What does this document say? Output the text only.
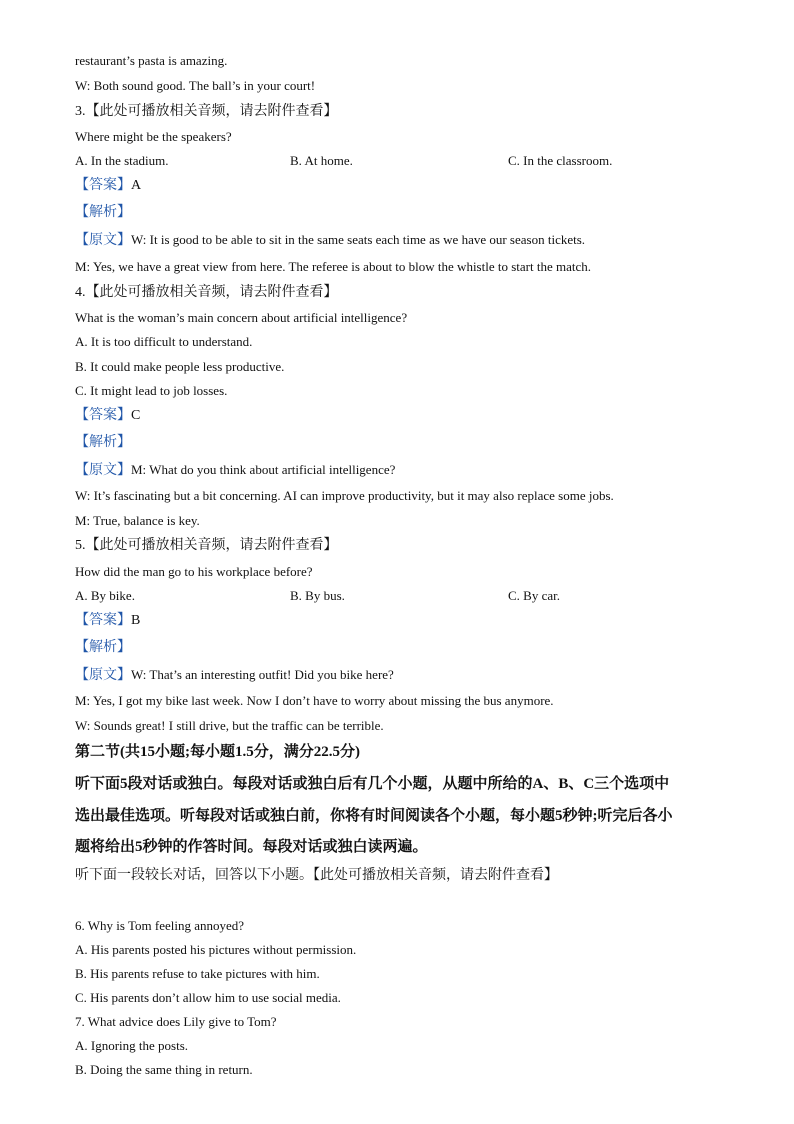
restaurant’s pasta is amazing.
W: Both sound good. The ball’s in your court!
3.【此处可播放相关音频，请去附件查看】
Where might be the speakers?
A. In the stadium.	B. At home.	C. In the classroom.
【答案】A
【解析】
【原文】W: It is good to be able to sit in the same seats each time as we have our season tickets.
M: Yes, we have a great view from here. The referee is about to blow the whistle to start the match.
4.【此处可播放相关音频，请去附件查看】
What is the woman’s main concern about artificial intelligence?
A. It is too difficult to understand.
B. It could make people less productive.
C. It might lead to job losses.
【答案】C
【解析】
【原文】M: What do you think about artificial intelligence?
W: It’s fascinating but a bit concerning. AI can improve productivity, but it may also replace some jobs.
M: True, balance is key.
5.【此处可播放相关音频，请去附件查看】
How did the man go to his workplace before?
A. By bike.	B. By bus.	C. By car.
【答案】B
【解析】
【原文】W: That’s an interesting outfit! Did you bike here?
M: Yes, I got my bike last week. Now I don’t have to worry about missing the bus anymore.
W: Sounds great! I still drive, but the traffic can be terrible.
第二节(共15小题;每小题1.5分，满分22.5分)
听下面5段对话或独白。每段对话或独白后有几个小题，从题中所给的A、B、C三个选项中
选出最佳选项。听每段对话或独白前，你将有时间阅读各个小题，每小题5秒钟;听完后各小
题将给出5秒钟的作答时间。每段对话或独白读两遍。
听下面一段较长对话，回答以下小题。【此处可播放相关音频，请去附件查看】
6. Why is Tom feeling annoyed?
A. His parents posted his pictures without permission.
B. His parents refuse to take pictures with him.
C. His parents don’t allow him to use social media.
7. What advice does Lily give to Tom?
A. Ignoring the posts.
B. Doing the same thing in return.
